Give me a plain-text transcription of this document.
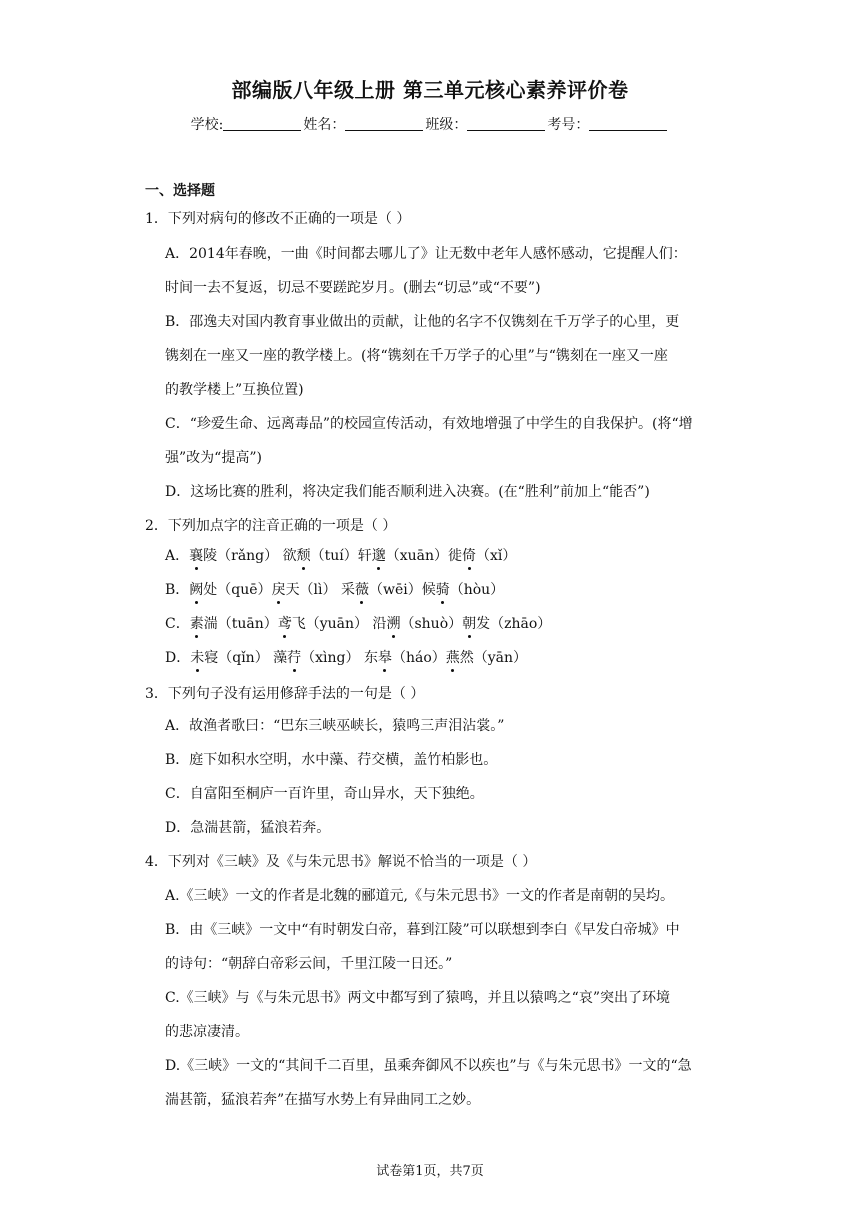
部编版八年级上册 第三单元核心素养评价卷
学校:	姓名：	班级：	考号：
一、选择题
1．下列对病句的修改不正确的一项是（ ）
A．2014年春晚，一曲《时间都去哪儿了》让无数中老年人感怀感动，它提醒人们：
时间一去不复返，切忌不要蹉跎岁月。(删去“切忌”或“不要”)
B．邵逸夫对国内教育事业做出的贡献，让他的名字不仅镌刻在千万学子的心里，更
镌刻在一座又一座的教学楼上。(将“镌刻在千万学子的心里”与“镌刻在一座又一座
的教学楼上”互换位置)
C．“珍爱生命、远离毒品”的校园宣传活动，有效地增强了中学生的自我保护。(将“增
强”改为“提高”)
D．这场比赛的胜利，将决定我们能否顺利进入决赛。(在“胜利”前加上“能否”)
2．下列加点字的注音正确的一项是（ ）
A．襄陵（rǎng） 欲颓（tuí）轩邈（xuān）徙倚（xǐ）
B．阙处（quē）戾天（lì） 采薇（wēi）候骑（hòu）
C．素湍（tuān）鸢飞（yuān） 沿溯（shuò）朝发（zhāo）
D．未寝（qǐn） 藻荇（xìng） 东皋（háo）燕然（yān）
3．下列句子没有运用修辞手法的一句是（ ）
A．故渔者歌曰：“巴东三峡巫峡长，猿鸣三声泪沾裳。”
B．庭下如积水空明，水中藻、荇交横，盖竹柏影也。
C．自富阳至桐庐一百许里，奇山异水，天下独绝。
D．急湍甚箭，猛浪若奔。
4．下列对《三峡》及《与朱元思书》解说不恰当的一项是（ ）
A.《三峡》一文的作者是北魏的郦道元,《与朱元思书》一文的作者是南朝的吴均。
B．由《三峡》一文中“有时朝发白帝，暮到江陵”可以联想到李白《早发白帝城》中
的诗句：“朝辞白帝彩云间，千里江陵一日还。”
C.《三峡》与《与朱元思书》两文中都写到了猿鸣，并且以猿鸣之“哀”突出了环境
的悲凉凄清。
D.《三峡》一文的“其间千二百里，虽乘奔御风不以疾也”与《与朱元思书》一文的“急
湍甚箭，猛浪若奔”在描写水势上有异曲同工之妙。
试卷第1页，共7页
